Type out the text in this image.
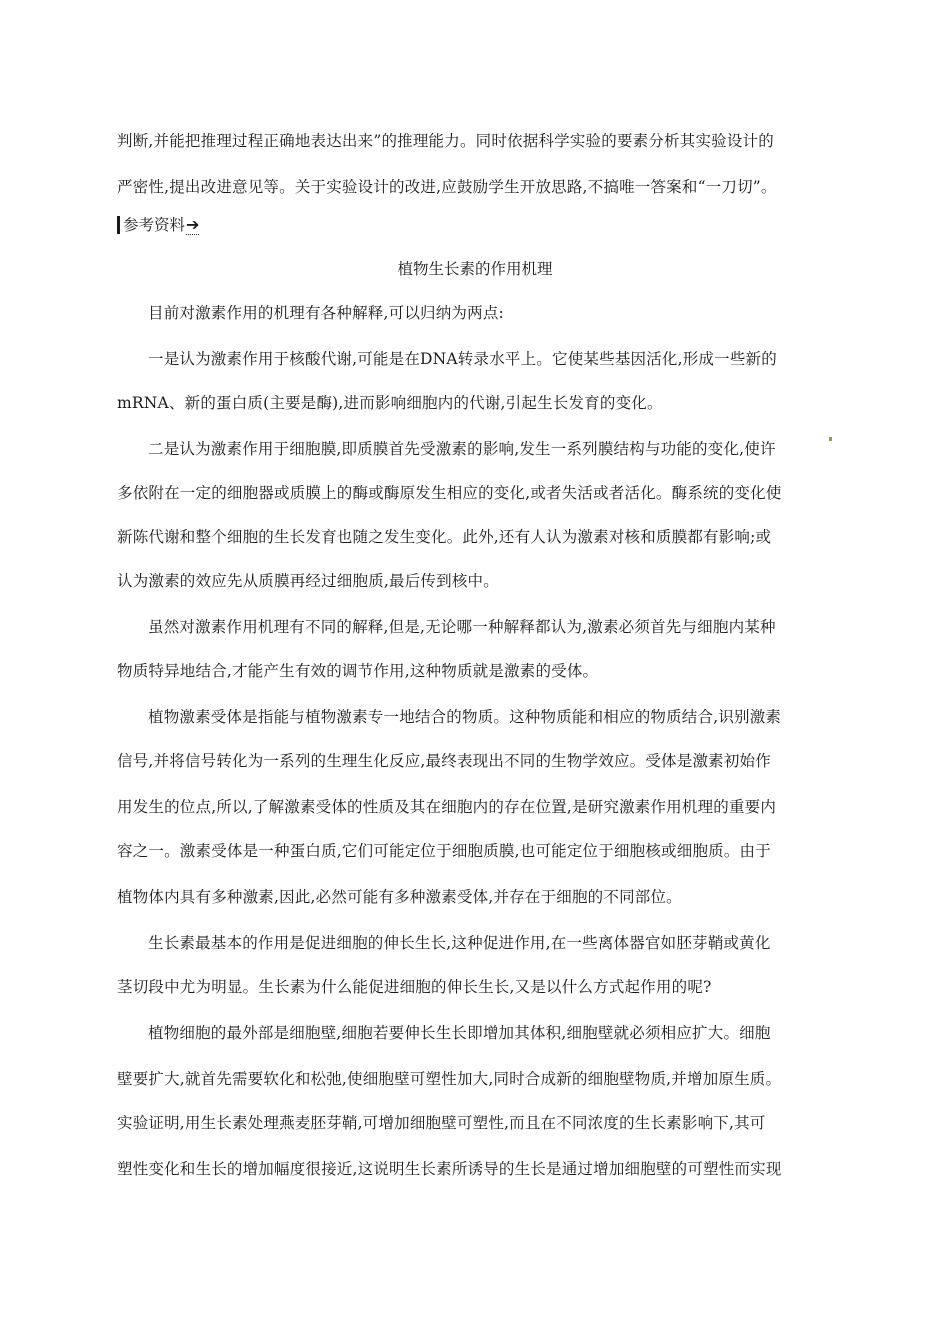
判断,并能把推理过程正确地表达出来”的推理能力。同时依据科学实验的要素分析其实验设计的
严密性,提出改进意见等。关于实验设计的改进,应鼓励学生开放思路,不搞唯一答案和“一刀切”。
参考资料 ➔
植物生长素的作用机理
目前对激素作用的机理有各种解释,可以归纳为两点:
一是认为激素作用于核酸代谢,可能是在DNA转录水平上。它使某些基因活化,形成一些新的
mRNA、新的蛋白质(主要是酶),进而影响细胞内的代谢,引起生长发育的变化。
二是认为激素作用于细胞膜,即质膜首先受激素的影响,发生一系列膜结构与功能的变化,使许
多依附在一定的细胞器或质膜上的酶或酶原发生相应的变化,或者失活或者活化。酶系统的变化使
新陈代谢和整个细胞的生长发育也随之发生变化。此外,还有人认为激素对核和质膜都有影响;或
认为激素的效应先从质膜再经过细胞质,最后传到核中。
虽然对激素作用机理有不同的解释,但是,无论哪一种解释都认为,激素必须首先与细胞内某种
物质特异地结合,才能产生有效的调节作用,这种物质就是激素的受体。
植物激素受体是指能与植物激素专一地结合的物质。这种物质能和相应的物质结合,识别激素
信号,并将信号转化为一系列的生理生化反应,最终表现出不同的生物学效应。受体是激素初始作
用发生的位点,所以,了解激素受体的性质及其在细胞内的存在位置,是研究激素作用机理的重要内
容之一。激素受体是一种蛋白质,它们可能定位于细胞质膜,也可能定位于细胞核或细胞质。由于
植物体内具有多种激素,因此,必然可能有多种激素受体,并存在于细胞的不同部位。
生长素最基本的作用是促进细胞的伸长生长,这种促进作用,在一些离体器官如胚芽鞘或黄化
茎切段中尤为明显。生长素为什么能促进细胞的伸长生长,又是以什么方式起作用的呢?
植物细胞的最外部是细胞壁,细胞若要伸长生长即增加其体积,细胞壁就必须相应扩大。细胞
壁要扩大,就首先需要软化和松弛,使细胞壁可塑性加大,同时合成新的细胞壁物质,并增加原生质。
实验证明,用生长素处理燕麦胚芽鞘,可增加细胞壁可塑性,而且在不同浓度的生长素影响下,其可
塑性变化和生长的增加幅度很接近,这说明生长素所诱导的生长是通过增加细胞壁的可塑性而实现
